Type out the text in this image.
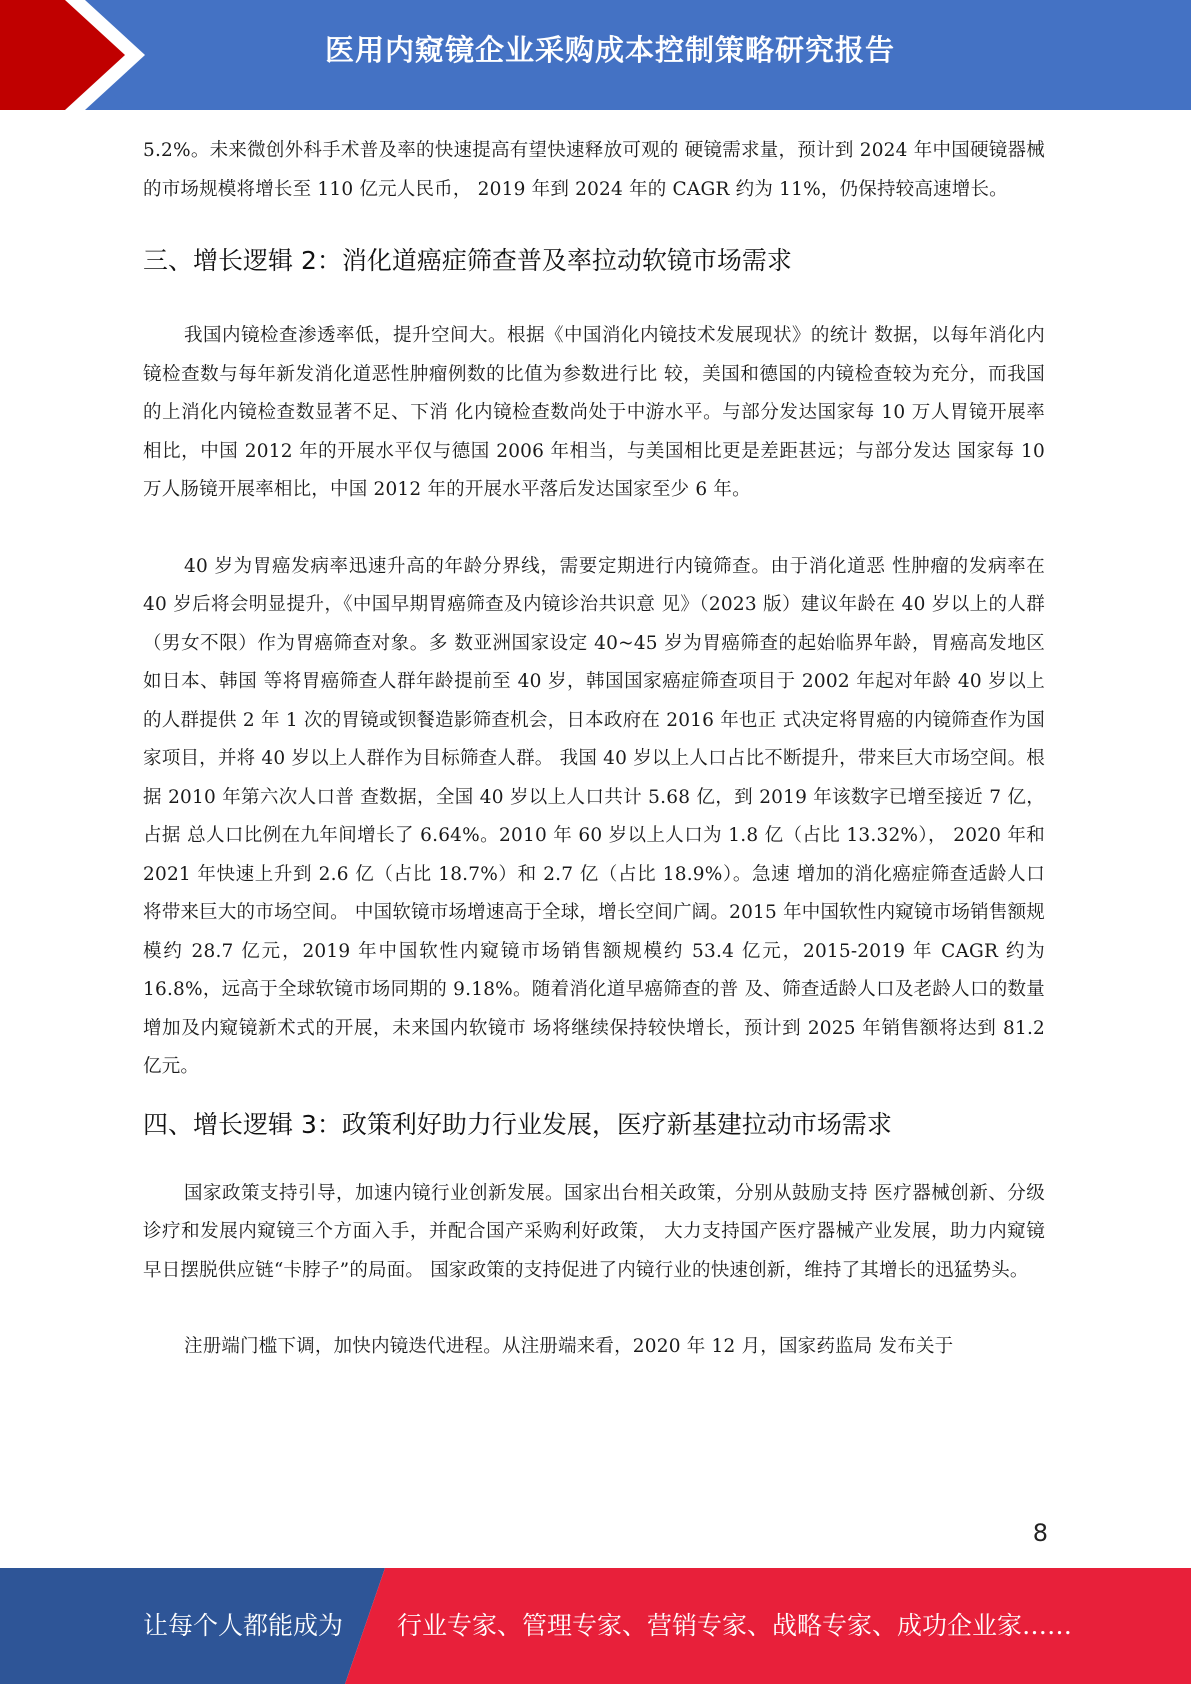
医用内窥镜企业采购成本控制策略研究报告

5.2%。未来微创外科手术普及率的快速提高有望快速释放可观的 硬镜需求量，预计到 2024 年中国硬镜器械的市场规模将增长至 110 亿元人民币， 2019 年到 2024 年的 CAGR 约为 11%，仍保持较高速增长。

三、增长逻辑 2：消化道癌症筛查普及率拉动软镜市场需求

我国内镜检查渗透率低，提升空间大。根据《中国消化内镜技术发展现状》的统计 数据，以每年消化内镜检查数与每年新发消化道恶性肿瘤例数的比值为参数进行比 较，美国和德国的内镜检查较为充分，而我国的上消化内镜检查数显著不足、下消 化内镜检查数尚处于中游水平。与部分发达国家每 10 万人胃镜开展率相比，中国 2012 年的开展水平仅与德国 2006 年相当，与美国相比更是差距甚远；与部分发达 国家每 10 万人肠镜开展率相比，中国 2012 年的开展水平落后发达国家至少 6 年。

40 岁为胃癌发病率迅速升高的年龄分界线，需要定期进行内镜筛查。由于消化道恶 性肿瘤的发病率在 40 岁后将会明显提升，《中国早期胃癌筛查及内镜诊治共识意 见》（2023 版）建议年龄在 40 岁以上的人群（男女不限）作为胃癌筛查对象。多 数亚洲国家设定 40~45 岁为胃癌筛查的起始临界年龄，胃癌高发地区如日本、韩国 等将胃癌筛查人群年龄提前至 40 岁，韩国国家癌症筛查项目于 2002 年起对年龄 40 岁以上的人群提供 2 年 1 次的胃镜或钡餐造影筛查机会，日本政府在 2016 年也正 式决定将胃癌的内镜筛查作为国家项目，并将 40 岁以上人群作为目标筛查人群。 我国 40 岁以上人口占比不断提升，带来巨大市场空间。根据 2010 年第六次人口普 查数据，全国 40 岁以上人口共计 5.68 亿，到 2019 年该数字已增至接近 7 亿，占据 总人口比例在九年间增长了 6.64%。2010 年 60 岁以上人口为 1.8 亿（占比 13.32%）， 2020 年和 2021 年快速上升到 2.6 亿（占比 18.7%）和 2.7 亿（占比 18.9%）。急速 增加的消化癌症筛查适龄人口将带来巨大的市场空间。 中国软镜市场增速高于全球，增长空间广阔。2015 年中国软性内窥镜市场销售额规 模约 28.7 亿元，2019 年中国软性内窥镜市场销售额规模约 53.4 亿元，2015-2019 年 CAGR 约为 16.8%，远高于全球软镜市场同期的 9.18%。随着消化道早癌筛查的普 及、筛查适龄人口及老龄人口的数量增加及内窥镜新术式的开展，未来国内软镜市 场将继续保持较快增长，预计到 2025 年销售额将达到 81.2 亿元。

四、增长逻辑 3：政策利好助力行业发展，医疗新基建拉动市场需求

国家政策支持引导，加速内镜行业创新发展。国家出台相关政策，分别从鼓励支持 医疗器械创新、分级诊疗和发展内窥镜三个方面入手，并配合国产采购利好政策， 大力支持国产医疗器械产业发展，助力内窥镜早日摆脱供应链“卡脖子”的局面。 国家政策的支持促进了内镜行业的快速创新，维持了其增长的迅猛势头。

注册端门槛下调，加快内镜迭代进程。从注册端来看，2020 年 12 月，国家药监局 发布关于

8
让每个人都能成为 行业专家、管理专家、营销专家、战略专家、成功企业家……
